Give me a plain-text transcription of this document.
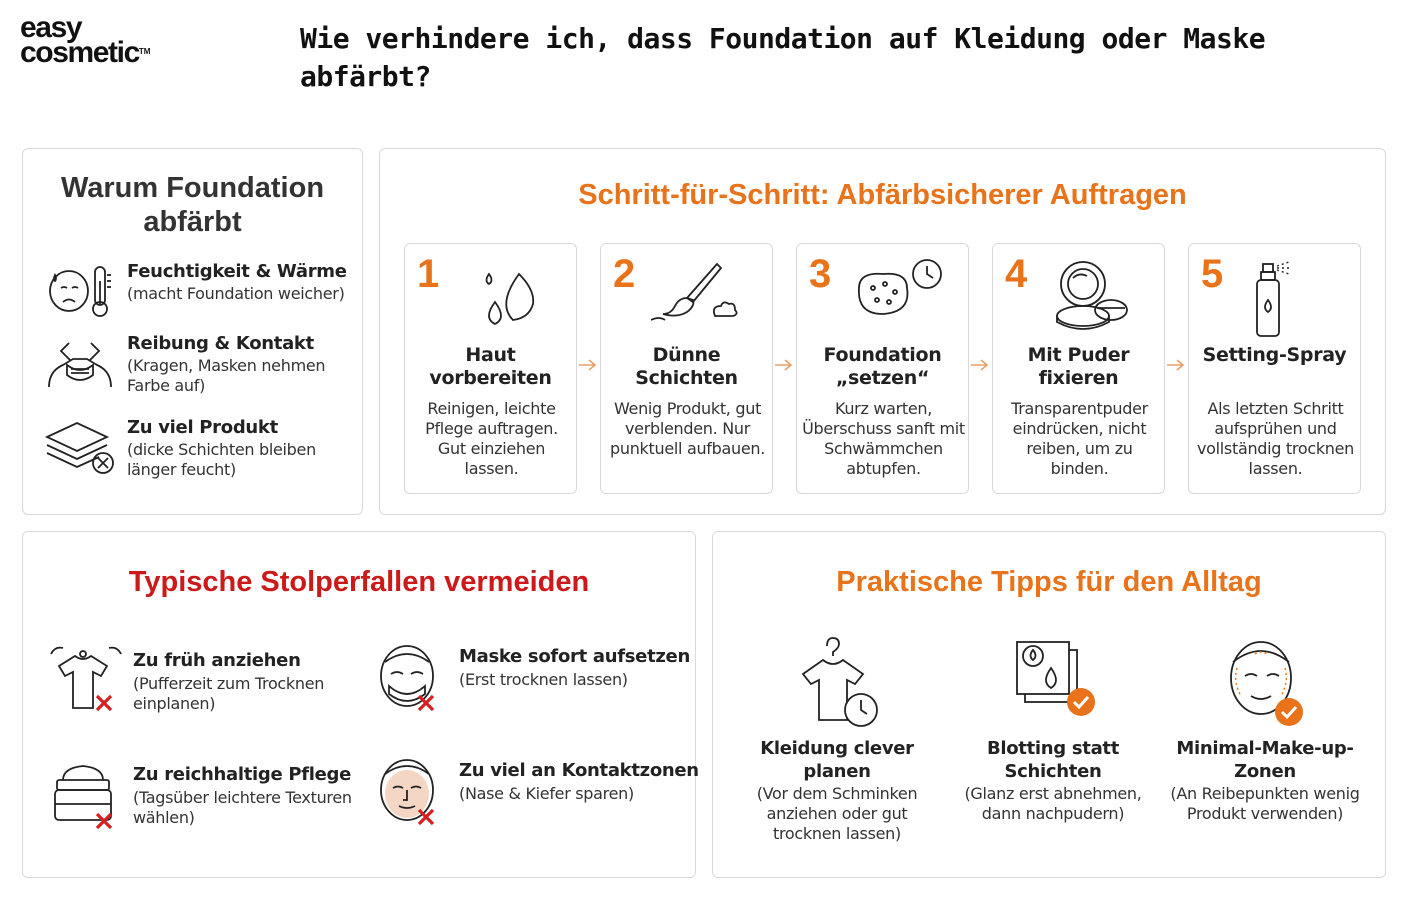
easy
cosmetic™	Wie verhindere ich, dass Foundation auf Kleidung oder Maske abfärbt?
Warum Foundation abfärbt
Feuchtigkeit & Wärme
(macht Foundation weicher)
Reibung & Kontakt
(Kragen, Masken nehmen Farbe auf)
Zu viel Produkt
(dicke Schichten bleiben länger feucht)
Schritt-für-Schritt: Abfärbsicherer Auftragen
1
Haut vorbereiten
Reinigen, leichte Pflege auftragen. Gut einziehen lassen.
2
Dünne Schichten
Wenig Produkt, gut verblenden. Nur punktuell aufbauen.
3
Foundation „setzen“
Kurz warten, Überschuss sanft mit Schwämmchen abtupfen.
4
Mit Puder fixieren
Transparentpuder eindrücken, nicht reiben, um zu binden.
5
Setting-Spray
Als letzten Schritt aufsprühen und vollständig trocknen lassen.
Typische Stolperfallen vermeiden
Zu früh anziehen
(Pufferzeit zum Trocknen einplanen)
Maske sofort aufsetzen
(Erst trocknen lassen)
Zu reichhaltige Pflege
(Tagsüber leichtere Texturen wählen)
Zu viel an Kontaktzonen
(Nase & Kiefer sparen)
Praktische Tipps für den Alltag
Kleidung clever planen
(Vor dem Schminken anziehen oder gut trocknen lassen)
Blotting statt Schichten
(Glanz erst abnehmen, dann nachpudern)
Minimal-Make-up-Zonen
(An Reibepunkten wenig Produkt verwenden)
